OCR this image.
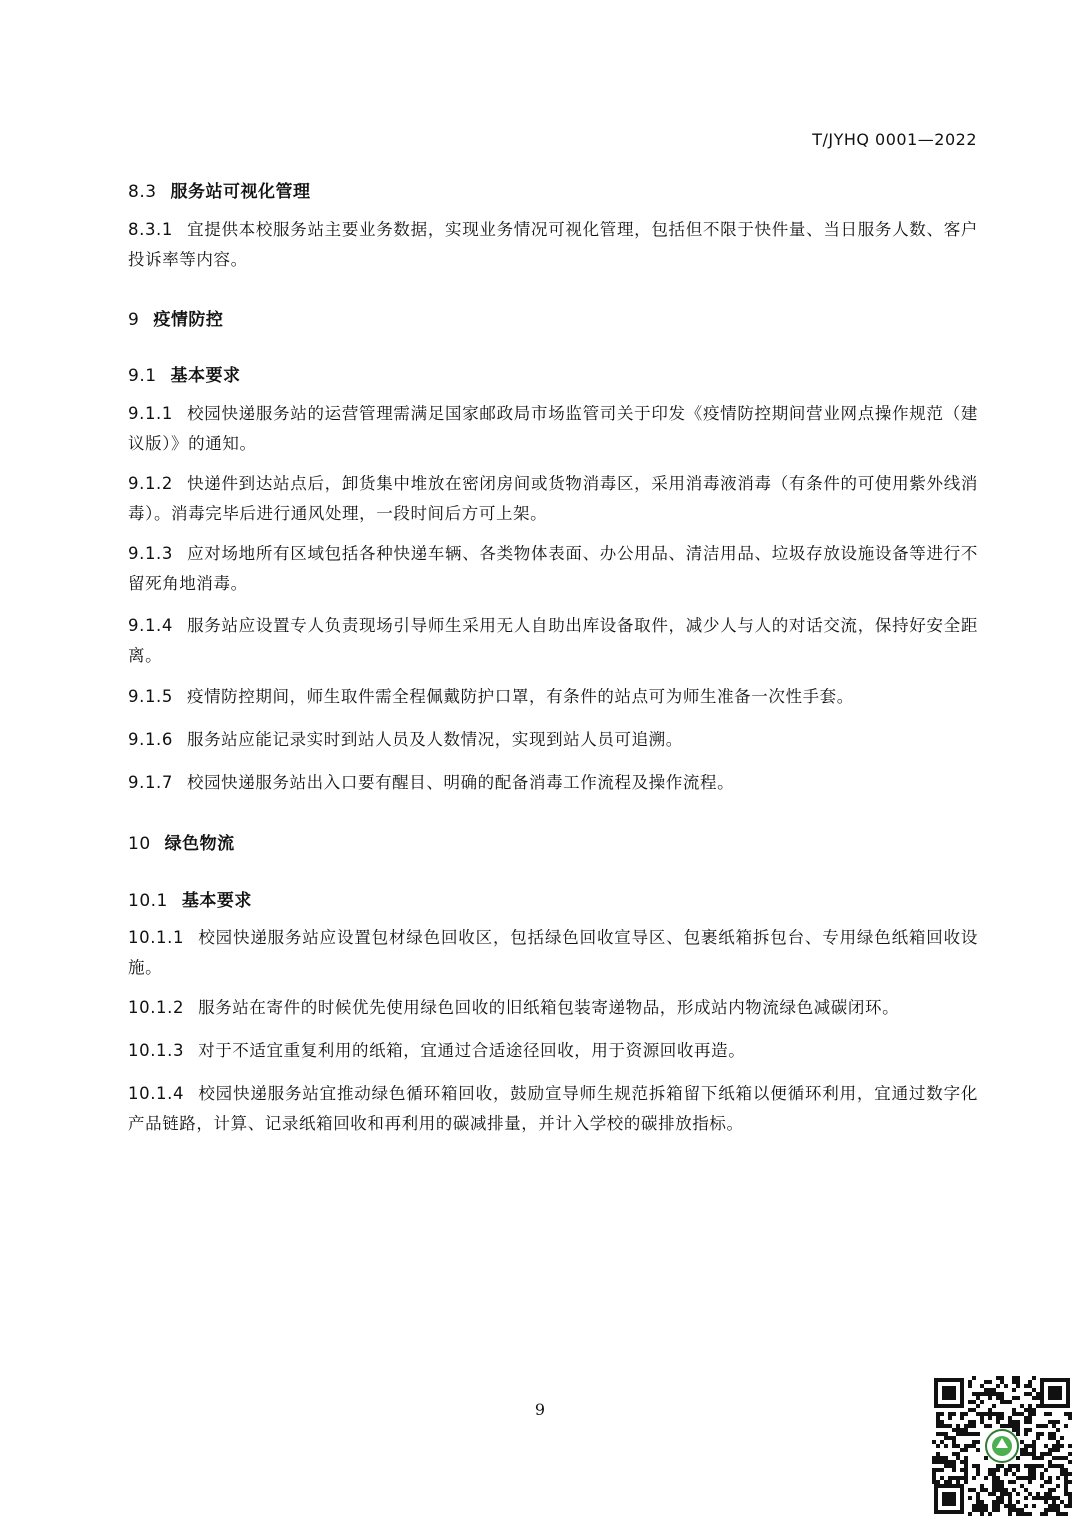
T/JYHQ 0001—2022
8.3 服务站可视化管理

8.3.1 宜提供本校服务站主要业务数据，实现业务情况可视化管理，包括但不限于快件量、当日服务人数、客户投诉率等内容。

9 疫情防控
9.1 基本要求

9.1.1 校园快递服务站的运营管理需满足国家邮政局市场监管司关于印发《疫情防控期间营业网点操作规范（建议版）》的通知。

9.1.2 快递件到达站点后，卸货集中堆放在密闭房间或货物消毒区，采用消毒液消毒（有条件的可使用紫外线消毒）。消毒完毕后进行通风处理，一段时间后方可上架。

9.1.3 应对场地所有区域包括各种快递车辆、各类物体表面、办公用品、清洁用品、垃圾存放设施设备等进行不留死角地消毒。

9.1.4 服务站应设置专人负责现场引导师生采用无人自助出库设备取件，减少人与人的对话交流，保持好安全距离。

9.1.5 疫情防控期间，师生取件需全程佩戴防护口罩，有条件的站点可为师生准备一次性手套。

9.1.6 服务站应能记录实时到站人员及人数情况，实现到站人员可追溯。

9.1.7 校园快递服务站出入口要有醒目、明确的配备消毒工作流程及操作流程。

10 绿色物流
10.1 基本要求

10.1.1 校园快递服务站应设置包材绿色回收区，包括绿色回收宣导区、包裹纸箱拆包台、专用绿色纸箱回收设施。

10.1.2 服务站在寄件的时候优先使用绿色回收的旧纸箱包装寄递物品，形成站内物流绿色减碳闭环。

10.1.3 对于不适宜重复利用的纸箱，宜通过合适途径回收，用于资源回收再造。

10.1.4 校园快递服务站宜推动绿色循环箱回收，鼓励宣导师生规范拆箱留下纸箱以便循环利用，宜通过数字化产品链路，计算、记录纸箱回收和再利用的碳减排量，并计入学校的碳排放指标。

9
